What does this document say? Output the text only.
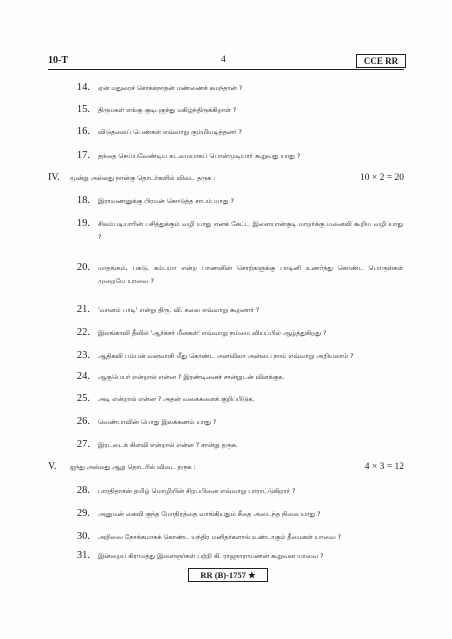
10-T	4	CCE RR
14. ஏன் மதுரைச் சொக்கநாதன் மண்ணைச் சுமந்தான் ?
15. திருமகள் எங்கு குடிபுகுந்து மகிழ்ந்திருக்கிறாள் ?
16. விடுதலைப் பெண்கள் எவ்வாறு கும்மியடித்தனர் ?
17. தந்தை செய்யவேண்டிய கடமையாகப் பொன்முடியார் கூறுவது யாது ?
IV. மூன்று அல்லது நான்கு தொடர்களில் விடை தருக :	10 × 2 = 20
18. இராவணனுக்கு பிரமன் கொடுத்த சாபம் யாது ?
19. சிலம்படியாரின் பசித்துக்கும் வழி யாது எனக் கேட்ட இளையான்குடி மாறர்க்கு மனைவி கூறிய வழி யாது ?
20. மாதங்கம், பகடு, கம்பமா என்ற பாணனின் சொற்களுக்கு பாடினி உணர்ந்து கொண்ட பொருள்கள் முறையே யாவை ?
21. 'வானம் பாடி' என்று திரு. வி. கலை எவ்வாறு கூறனார் ?
22. இலங்காவி தீவில் 'ஆர்க்சர் மீனகள்' எவ்வாறு நம்மை வியப்பில் ஆழ்த்துகிறது ?
23. ஆதிகவி பம்பன் வனவாசி மீது கொண்ட அளவிலா அன்பை நாம் எவ்வாறு அறியலாம் ?
24. ஆகுபெயர் என்றால் என்ன ? இரண்டினைச் சான்றுடன் விளக்குக.
25. அடி என்றால் என்ன ? அதன் வகைகளைக் குறிப்பிடுக.
26. வெண்பாவின் பொது இலக்கணம் யாது ?
27. இரட்டைக் கிளவி என்றால் என்ன ? சான்று தருக.
V. ஐந்து அல்லது ஆறு தொடரில் விடை தருக :	4 × 3 = 12
28. பாரதிதாசன் தமிழ் மொழியின் சிறப்பினை எவ்வாறு பாராட்டுகிறார் ?
29. அனுமன் கைவி குந்த மோதிரத்தை வாங்கியதும் சீதை அடைந்த நிலை யாது ?
30. அறிவை நோக்கமாகக் கொண்ட யந்திர மனிதர்களால் உண்டாகும் தீமைகள் யாவை ?
31. இன்றைய கிராமத்து இளைஞர்கள் பற்றி கி. ராஜநாராயணன் கூறுவன யாவை ?
RR (B)-1757 ★
